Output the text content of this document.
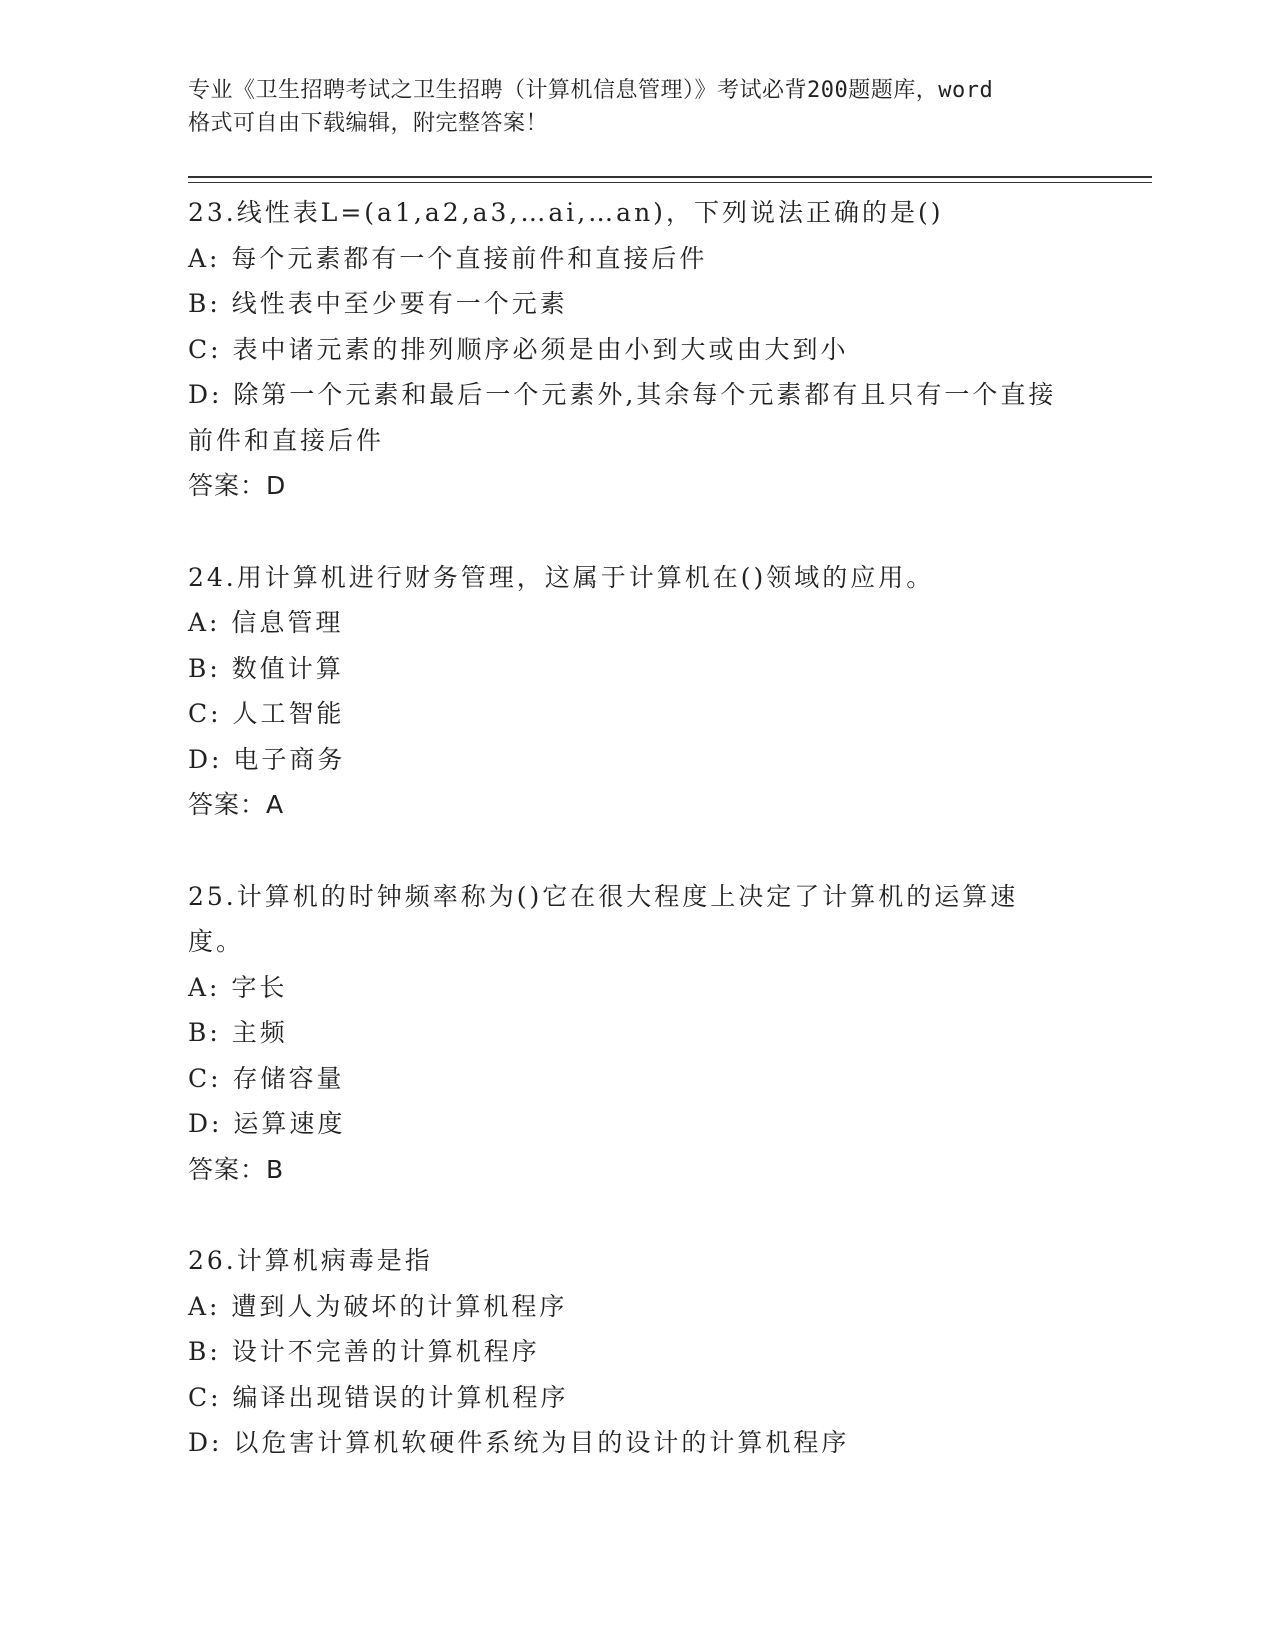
专业《卫生招聘考试之卫生招聘（计算机信息管理）》考试必背200题题库，word
格式可自由下载编辑，附完整答案！

23.线性表L=(a1,a2,a3,…ai,…an)，下列说法正确的是()

A: 每个元素都有一个直接前件和直接后件

B: 线性表中至少要有一个元素

C: 表中诸元素的排列顺序必须是由小到大或由大到小

D: 除第一个元素和最后一个元素外,其余每个元素都有且只有一个直接前件和直接后件

答案：D

24.用计算机进行财务管理，这属于计算机在()领域的应用。

A: 信息管理

B: 数值计算

C: 人工智能

D: 电子商务

答案：A

25.计算机的时钟频率称为()它在很大程度上决定了计算机的运算速度。

A: 字长

B: 主频

C: 存储容量

D: 运算速度

答案：B

26.计算机病毒是指

A: 遭到人为破坏的计算机程序

B: 设计不完善的计算机程序

C: 编译出现错误的计算机程序

D: 以危害计算机软硬件系统为目的设计的计算机程序
